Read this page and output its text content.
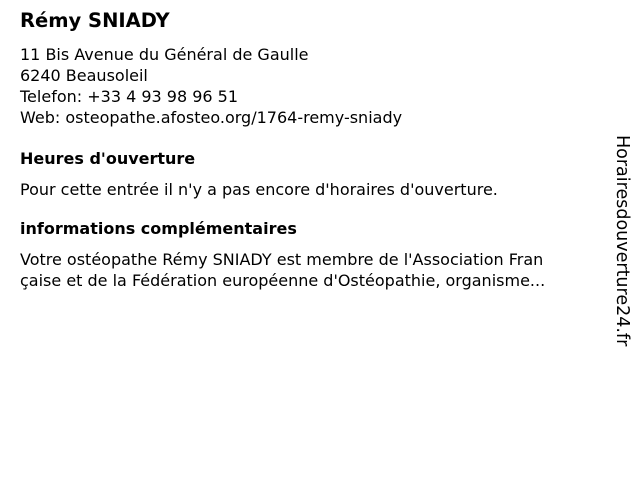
Rémy SNIADY

11 Bis Avenue du Général de Gaulle

6240 Beausoleil

Telefon: +33 4 93 98 96 51

Web: osteopathe.afosteo.org/1764-remy-sniady

Heures d'ouverture

Pour cette entrée il n'y a pas encore d'horaires d'ouverture.

informations complémentaires

Votre ostéopathe Rémy SNIADY est membre de l'Association Fran

çaise et de la Fédération européenne d'Ostéopathie, organisme...	Horairesdouverture24.fr
